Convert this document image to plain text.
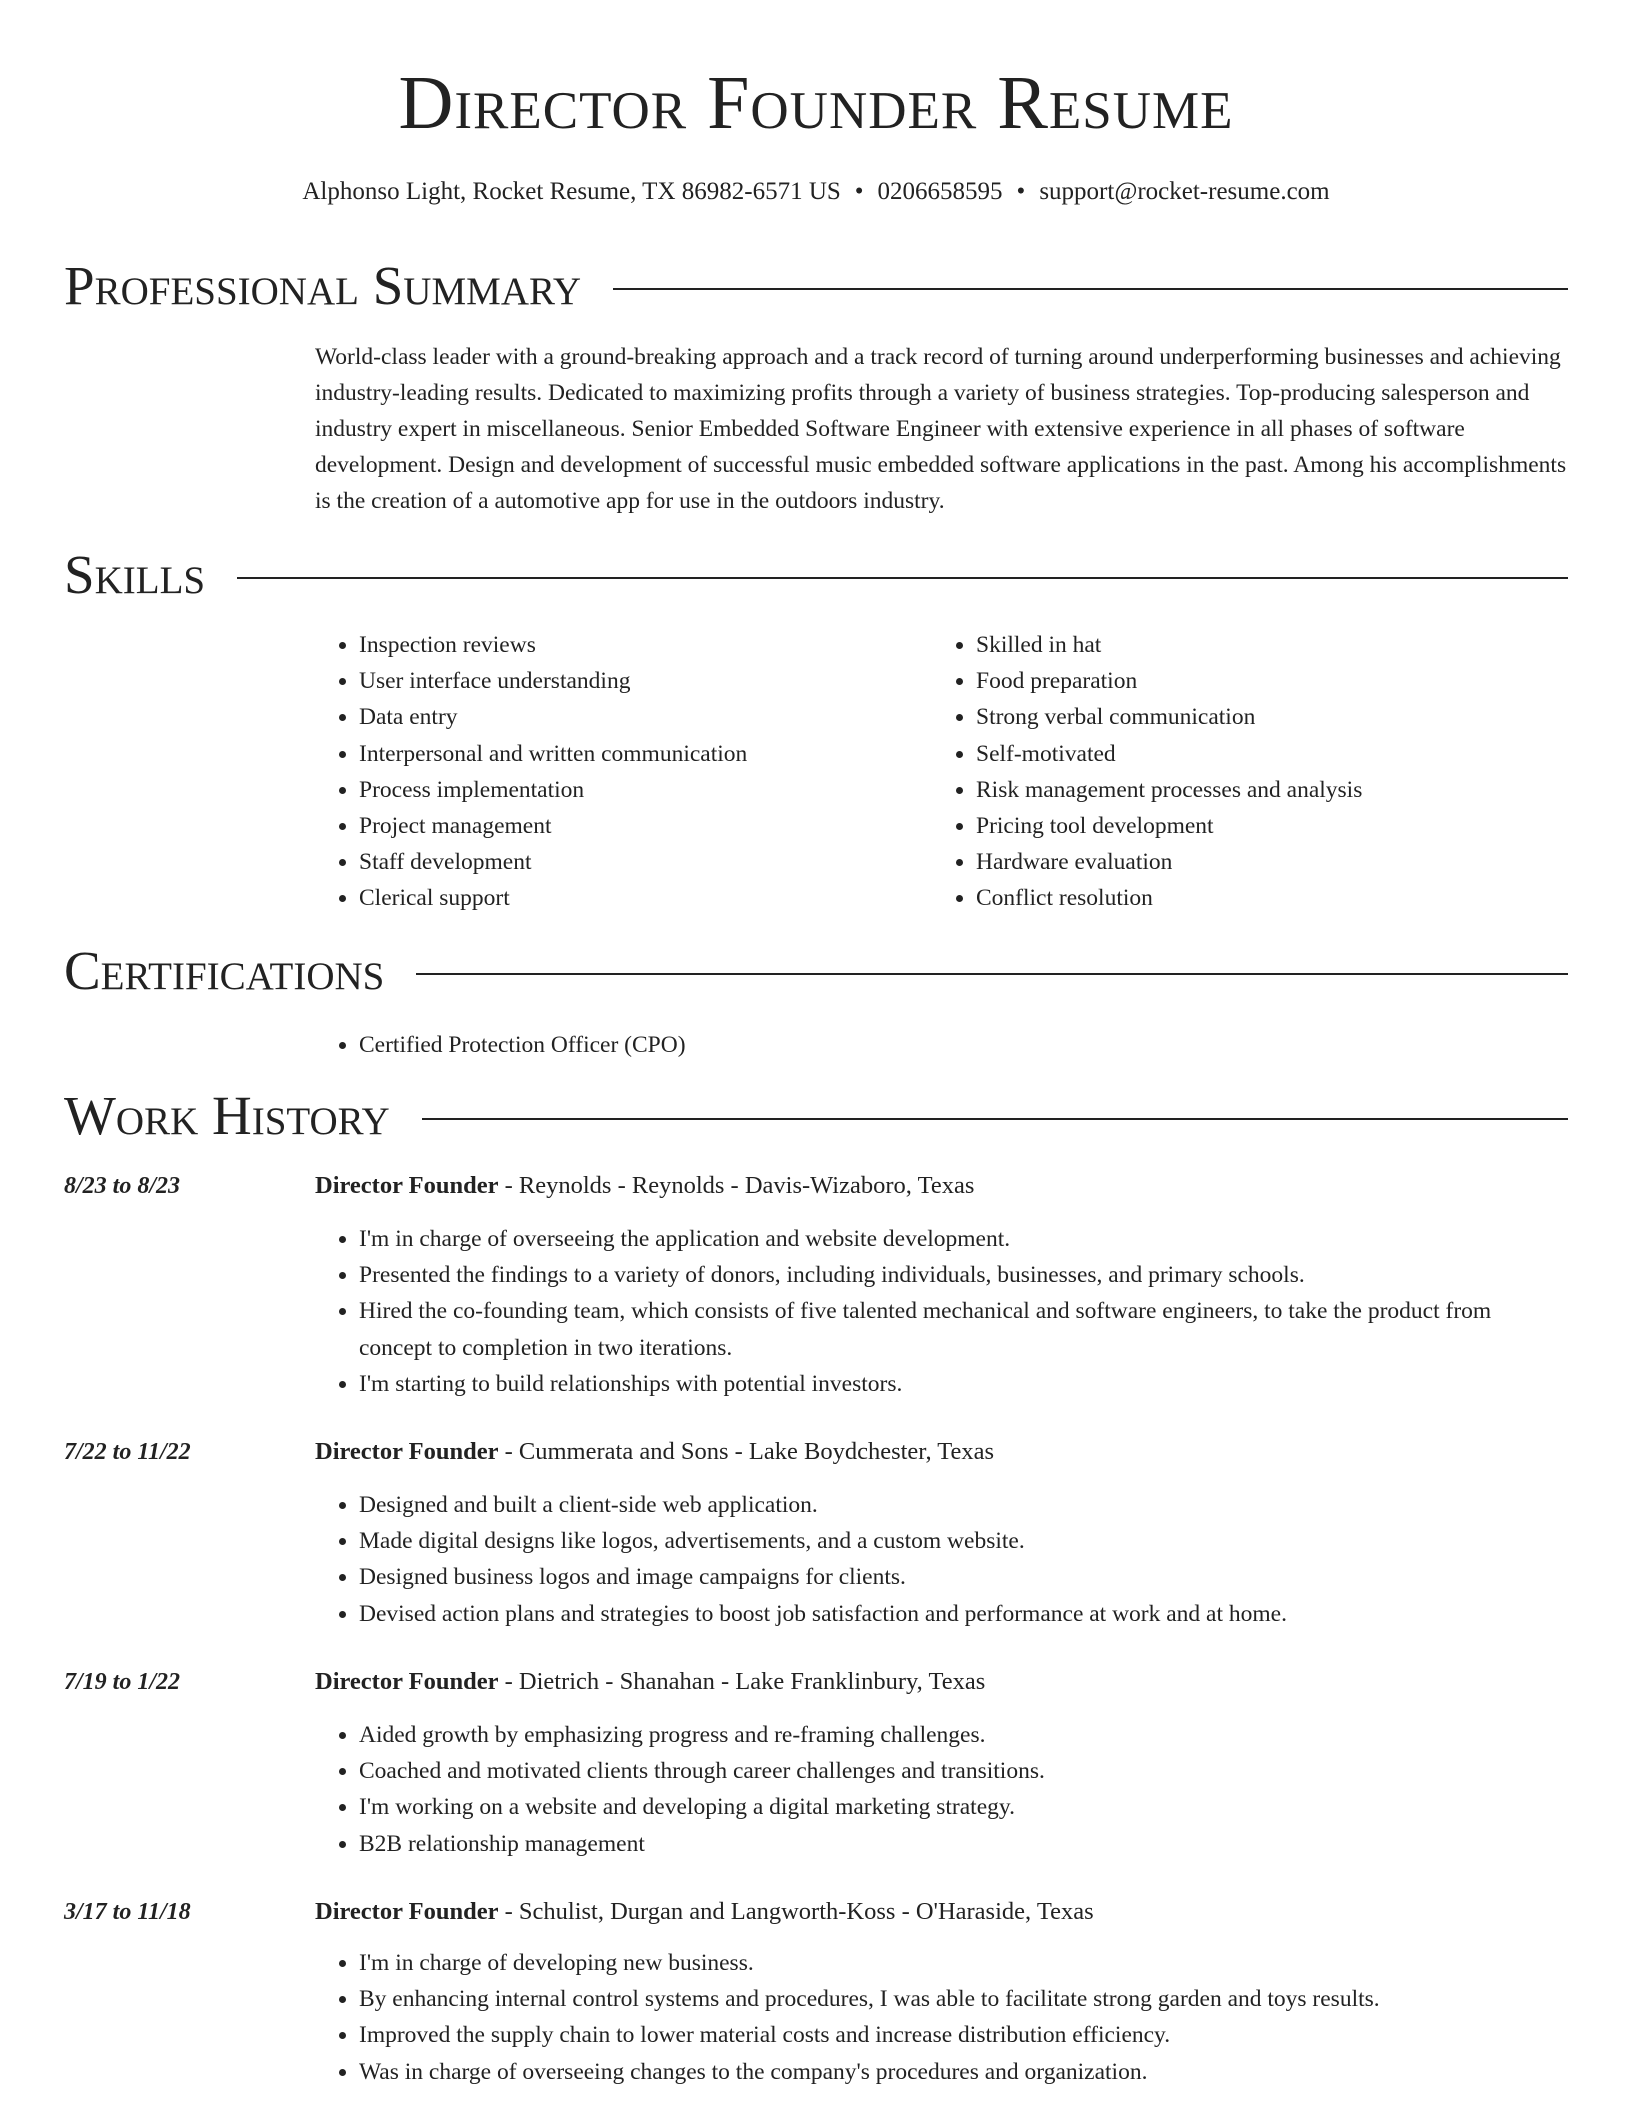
Director Founder Resume
Alphonso Light, Rocket Resume, TX 86982-6571 US • 0206658595 • support@rocket-resume.com
Professional Summary
World-class leader with a ground-breaking approach and a track record of turning around underperforming businesses and achieving industry-leading results. Dedicated to maximizing profits through a variety of business strategies. Top-producing salesperson and industry expert in miscellaneous. Senior Embedded Software Engineer with extensive experience in all phases of software development. Design and development of successful music embedded software applications in the past. Among his accomplishments is the creation of a automotive app for use in the outdoors industry.
Skills
• Inspection reviews
• User interface understanding
• Data entry
• Interpersonal and written communication
• Process implementation
• Project management
• Staff development
• Clerical support
• Skilled in hat
• Food preparation
• Strong verbal communication
• Self-motivated
• Risk management processes and analysis
• Pricing tool development
• Hardware evaluation
• Conflict resolution
Certifications
• Certified Protection Officer (CPO)
Work History
8/23 to 8/23	Director Founder - Reynolds - Reynolds - Davis-Wizaboro, Texas
• I'm in charge of overseeing the application and website development.
• Presented the findings to a variety of donors, including individuals, businesses, and primary schools.
• Hired the co-founding team, which consists of five talented mechanical and software engineers, to take the product from concept to completion in two iterations.
• I'm starting to build relationships with potential investors.
7/22 to 11/22	Director Founder - Cummerata and Sons - Lake Boydchester, Texas
• Designed and built a client-side web application.
• Made digital designs like logos, advertisements, and a custom website.
• Designed business logos and image campaigns for clients.
• Devised action plans and strategies to boost job satisfaction and performance at work and at home.
7/19 to 1/22	Director Founder - Dietrich - Shanahan - Lake Franklinbury, Texas
• Aided growth by emphasizing progress and re-framing challenges.
• Coached and motivated clients through career challenges and transitions.
• I'm working on a website and developing a digital marketing strategy.
• B2B relationship management
3/17 to 11/18	Director Founder - Schulist, Durgan and Langworth-Koss - O'Haraside, Texas
• I'm in charge of developing new business.
• By enhancing internal control systems and procedures, I was able to facilitate strong garden and toys results.
• Improved the supply chain to lower material costs and increase distribution efficiency.
• Was in charge of overseeing changes to the company's procedures and organization.
